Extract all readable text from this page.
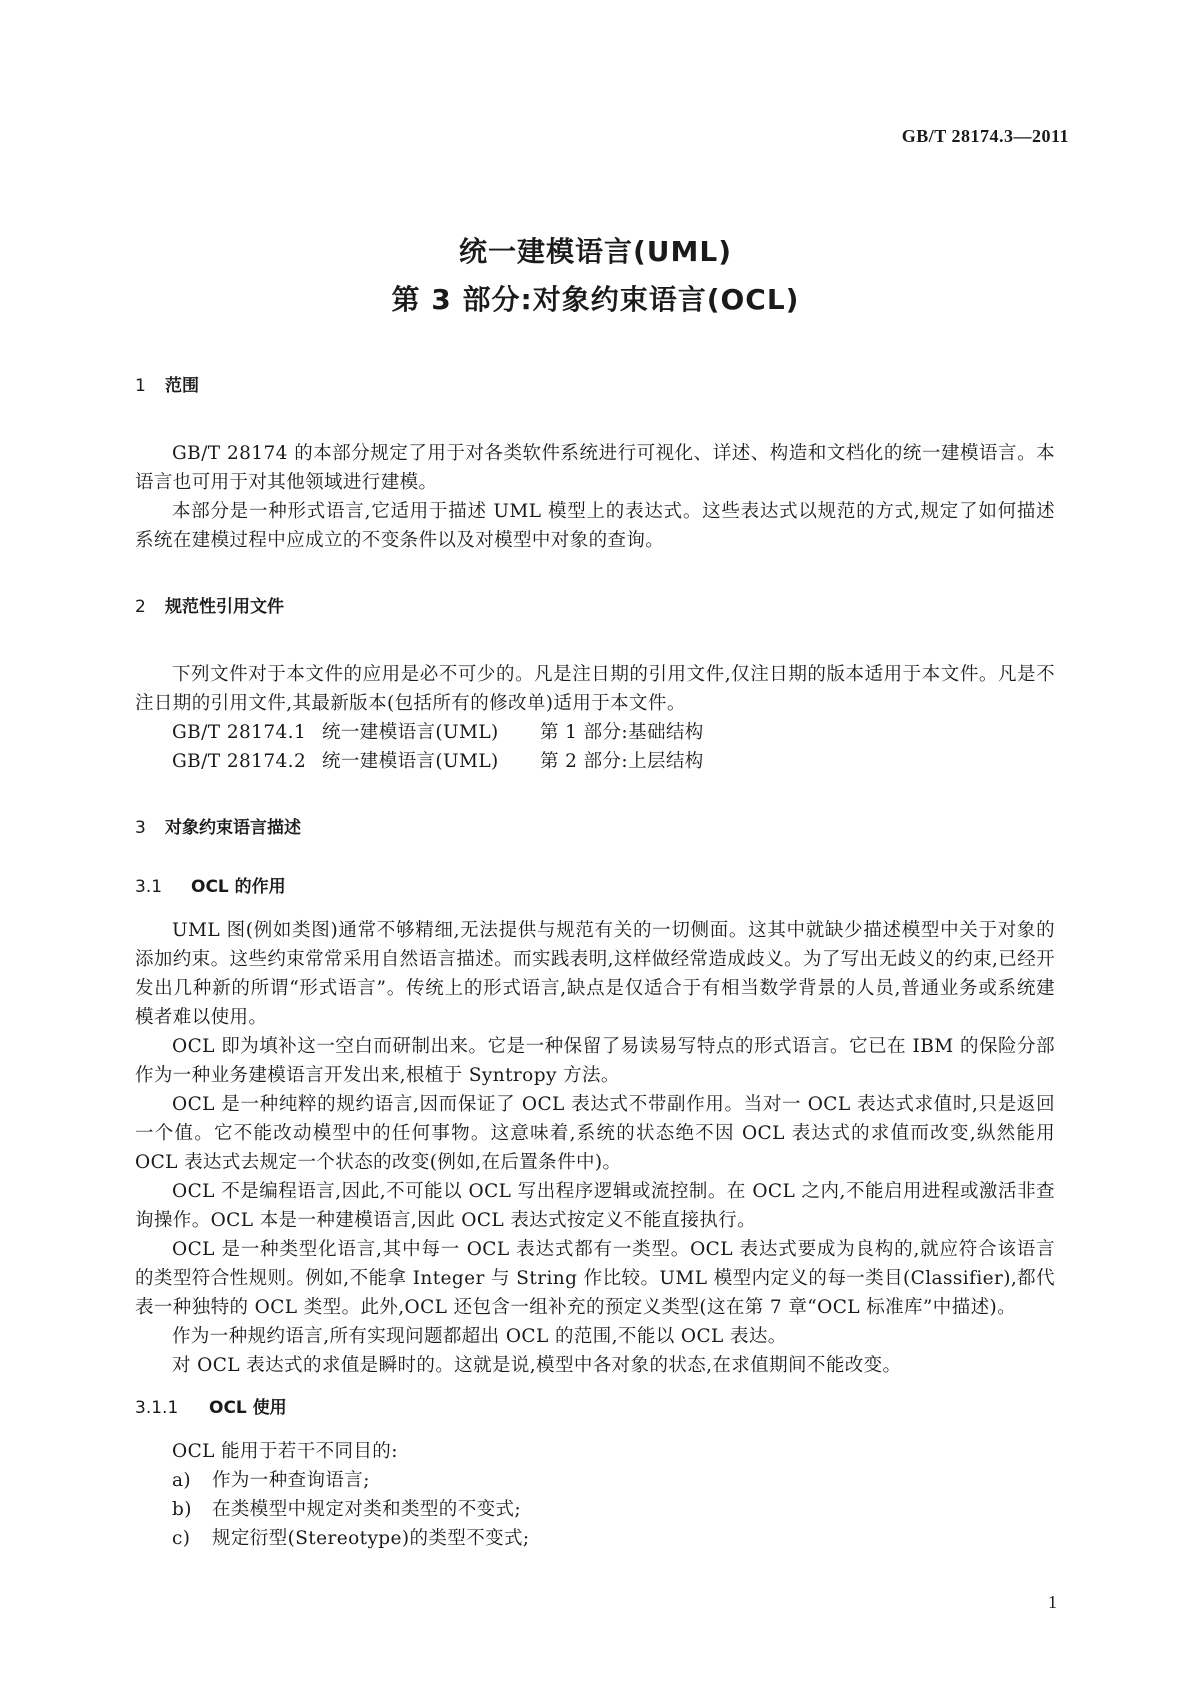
GB/T 28174.3—2011
统一建模语言(UML)
第 3 部分:对象约束语言(OCL)
1 范围

GB/T 28174 的本部分规定了用于对各类软件系统进行可视化、详述、构造和文档化的统一建模语言。本语言也可用于对其他领域进行建模。

本部分是一种形式语言,它适用于描述 UML 模型上的表达式。这些表达式以规范的方式,规定了如何描述系统在建模过程中应成立的不变条件以及对模型中对象的查询。

2 规范性引用文件

下列文件对于本文件的应用是必不可少的。凡是注日期的引用文件,仅注日期的版本适用于本文件。凡是不注日期的引用文件,其最新版本(包括所有的修改单)适用于本文件。

GB/T 28174.1 统一建模语言(UML) 第 1 部分:基础结构
GB/T 28174.2 统一建模语言(UML) 第 2 部分:上层结构
3 对象约束语言描述
3.1 OCL 的作用

UML 图(例如类图)通常不够精细,无法提供与规范有关的一切侧面。这其中就缺少描述模型中关于对象的添加约束。这些约束常常采用自然语言描述。而实践表明,这样做经常造成歧义。为了写出无歧义的约束,已经开发出几种新的所谓“形式语言”。传统上的形式语言,缺点是仅适合于有相当数学背景的人员,普通业务或系统建模者难以使用。

OCL 即为填补这一空白而研制出来。它是一种保留了易读易写特点的形式语言。它已在 IBM 的保险分部作为一种业务建模语言开发出来,根植于 Syntropy 方法。

OCL 是一种纯粹的规约语言,因而保证了 OCL 表达式不带副作用。当对一 OCL 表达式求值时,只是返回一个值。它不能改动模型中的任何事物。这意味着,系统的状态绝不因 OCL 表达式的求值而改变,纵然能用 OCL 表达式去规定一个状态的改变(例如,在后置条件中)。

OCL 不是编程语言,因此,不可能以 OCL 写出程序逻辑或流控制。在 OCL 之内,不能启用进程或激活非查询操作。OCL 本是一种建模语言,因此 OCL 表达式按定义不能直接执行。

OCL 是一种类型化语言,其中每一 OCL 表达式都有一类型。OCL 表达式要成为良构的,就应符合该语言的类型符合性规则。例如,不能拿 Integer 与 String 作比较。UML 模型内定义的每一类目(Classifier),都代表一种独特的 OCL 类型。此外,OCL 还包含一组补充的预定义类型(这在第 7 章“OCL 标准库”中描述)。

作为一种规约语言,所有实现问题都超出 OCL 的范围,不能以 OCL 表达。

对 OCL 表达式的求值是瞬时的。这就是说,模型中各对象的状态,在求值期间不能改变。

3.1.1 OCL 使用

OCL 能用于若干不同目的:

a) 作为一种查询语言;
b) 在类模型中规定对类和类型的不变式;
c) 规定衍型(Stereotype)的类型不变式;
1
